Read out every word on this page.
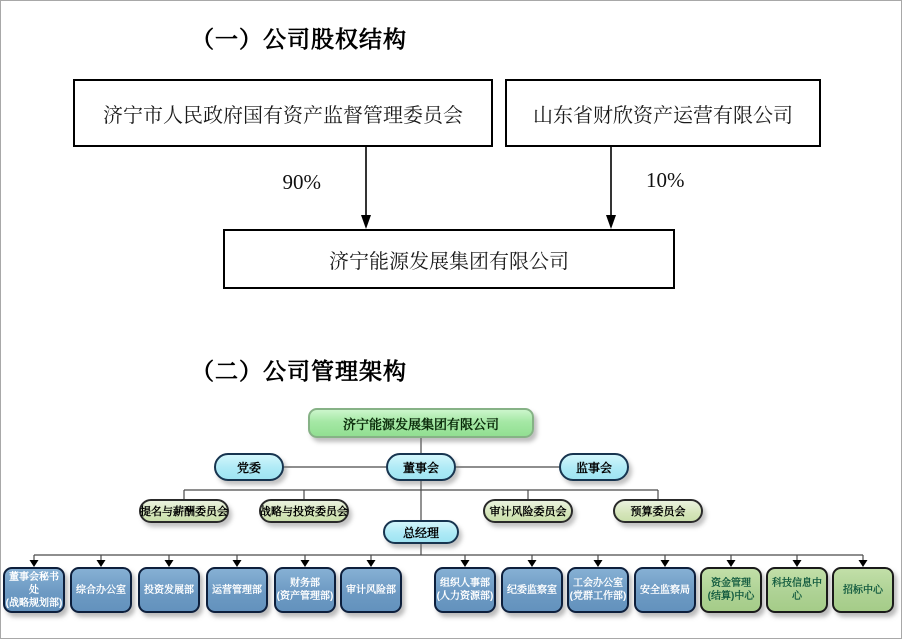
（一）公司股权结构
济宁市人民政府国有资产监督管理委员会	山东省财欣资产运营有限公司
90%	10%
济宁能源发展集团有限公司
（二）公司管理架构
济宁能源发展集团有限公司
总经理
党委	董事会	监事会
提名与薪酬委员会	战略与投资委员会	审计风险委员会	预算委员会
董事会秘书处
(战略规划部)
综合办公室 投资发展部 运营管理部
财务部
(资产管理部)
审计风险部
组织人事部
(人力资源部)
纪委监察室
工会办公室
(党群工作部)
安全监察局
资金管理
(结算)中心
科技信息中心
招标中心
